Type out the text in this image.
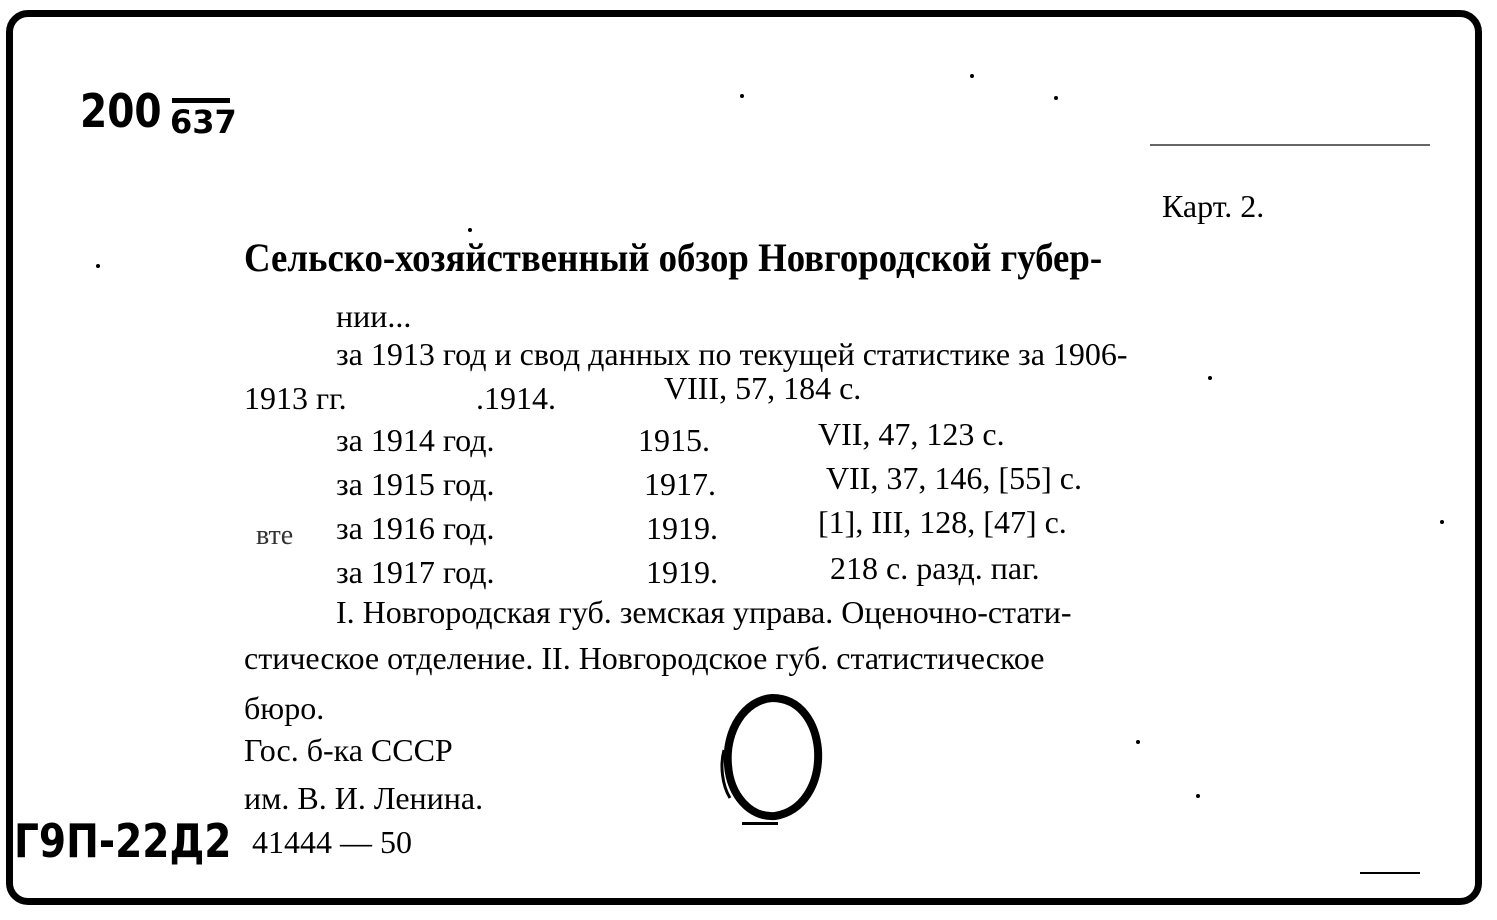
200 637
Карт. 2.
Сельско-хозяйственный обзор Новгородской губер-
нии...
за 1913 год и свод данных по текущей статистике за 1906-
1913 гг.	.1914.	VIII, 57, 184 с.
за 1914 год.	1915.	VII, 47, 123 с.
за 1915 год.	1917.	VII, 37, 146, [55] с.
за 1916 год.	1919.	[1], III, 128, [47] с.
вте
за 1917 год.	1919.	218 с. разд. паг.
I. Новгородская губ. земская управа. Оценочно-стати-
стическое отделение. II. Новгородское губ. статистическое
бюро.
Гос. б-ка СССР
им. В. И. Ленина.
Г9П-22Д2 41444 — 50
